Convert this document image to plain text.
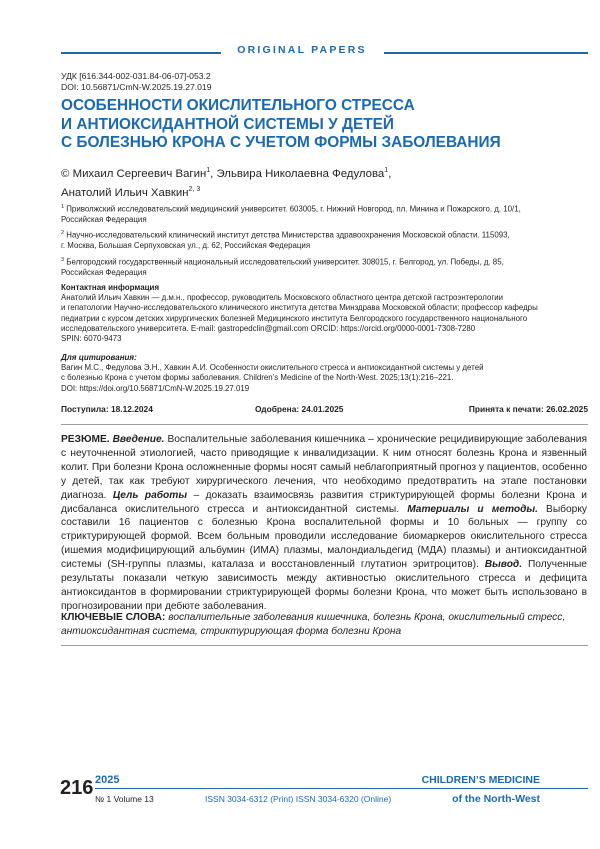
ORIGINAL PAPERS
УДК [616.344-002-031.84-06-07]-053.2
DOI: 10.56871/CmN-W.2025.19.27.019
ОСОБЕННОСТИ ОКИСЛИТЕЛЬНОГО СТРЕССА
И АНТИОКСИДАНТНОЙ СИСТЕМЫ У ДЕТЕЙ
С БОЛЕЗНЬЮ КРОНА С УЧЕТОМ ФОРМЫ ЗАБОЛЕВАНИЯ
© Михаил Сергеевич Вагин$^1$, Эльвира Николаевна Федулова$^1$,
Анатолий Ильич Хавкин$^{2, 3}$
$^1$ Приволжский исследовательский медицинский университет. 603005, г. Нижний Новгород, пл. Минина и Пожарского, д. 10/1,
Российская Федерация
$^2$ Научно-исследовательский клинический институт детства Министерства здравоохранения Московской области. 115093,
г. Москва, Большая Серпуховская ул., д. 62, Российская Федерация
$^3$ Белгородский государственный национальный исследовательский университет. 308015, г. Белгород, ул. Победы, д. 85,
Российская Федерация
Контактная информация
Анатолий Ильич Хавкин — д.м.н., профессор, руководитель Московского областного центра детской гастроэнтерологии
и гепатологии Научно-исследовательского клинического института детства Минздрава Московской области; профессор кафедры
педиатрии с курсом детских хирургических болезней Медицинского института Белгородского государственного национального
исследовательского университета. E-mail: gastropedclin@gmail.com ORCID: https://orcid.org/0000-0001-7308-7280
SPIN: 6070-9473
Для цитирования:
Вагин М.С., Федулова Э.Н., Хавкин А.И. Особенности окислительного стресса и антиоксидантной системы у детей
с болезнью Крона с учетом формы заболевания. Children’s Medicine of the North-West. 2025;13(1):216–221.
DOI: https://doi.org/10.56871/CmN-W.2025.19.27.019
Поступила: 18.12.2024	Одобрена: 24.01.2025	Принята к печати: 26.02.2025
РЕЗЮМЕ. Введение. Воспалительные заболевания кишечника – хронические рецидивирующие заболевания с неуточненной этиологией, часто приводящие к инвалидизации. К ним относят болезнь Крона и язвенный колит. При болезни Крона осложненные формы носят самый неблагоприятный прогноз у пациентов, особенно у детей, так как требуют хирургического лечения, что необходимо предотвратить на этапе постановки диагноза. Цель работы – доказать взаимосвязь развития стриктурирующей формы болезни Крона и дисбаланса окислительного стресса и антиоксидантной системы. Материалы и методы. Выборку составили 16 пациентов с болезнью Крона воспалительной формы и 10 больных — группу со стриктурирующей формой. Всем больным проводили исследование биомаркеров окислительного стресса (ишемия модифицирующий альбумин (ИМА) плазмы, малондиальдегид (МДА) плазмы) и антиоксидантной системы (SH-группы плазмы, каталаза и восстановленный глутатион эритроцитов). Вывод. Полученные результаты показали четкую зависимость между активностью окислительного стресса и дефицита антиоксидантов в формировании стриктурирующей формы болезни Крона, что может быть использовано в прогнозировании при дебюте заболевания.
КЛЮЧЕВЫЕ СЛОВА: воспалительные заболевания кишечника, болезнь Крона, окислительный стресс, антиоксидантная система, стриктурирующая форма болезни Крона
216 2025
№ 1 Volume 13	ISSN 3034-6312 (Print) ISSN 3034-6320 (Online)
CHILDREN’S MEDICINE
of the North-West
